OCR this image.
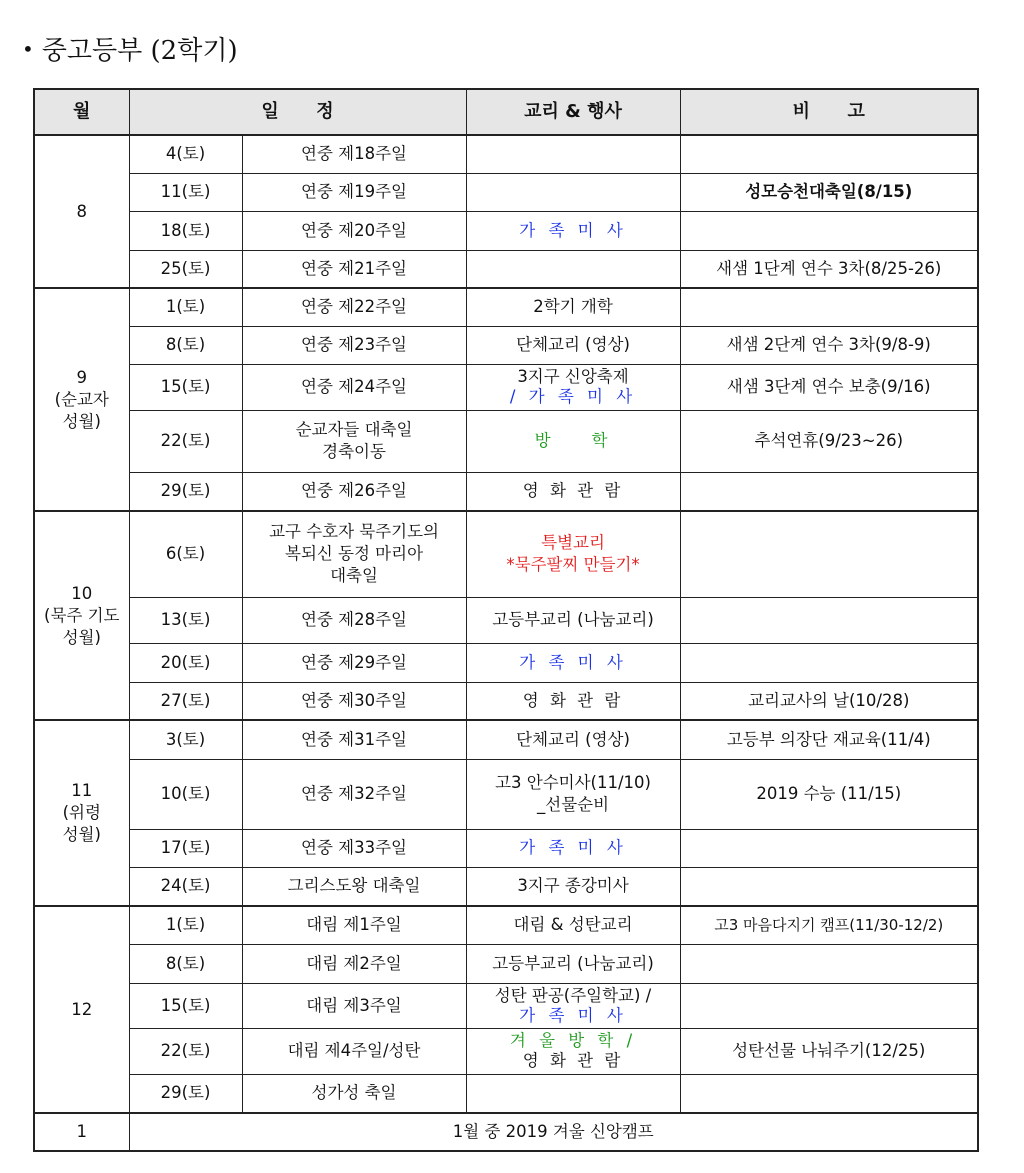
• 중고등부 (2학기)
월	일      정		교리 & 행사	비      고
8	4(토)	연중 제18주일		
	11(토)	연중 제19주일		성모승천대축일(8/15)
	18(토)	연중 제20주일	가 족 미 사	
	25(토)	연중 제21주일		새샘 1단계 연수 3차(8/25-26)
9
(순교자
성월)	1(토)	연중 제22주일	2학기 개학	
	8(토)	연중 제23주일	단체교리 (영상)	새샘 2단계 연수 3차(9/8-9)
	15(토)	연중 제24주일	3지구 신앙축제
/ 가 족 미 사	새샘 3단계 연수 보충(9/16)
	22(토)	순교자들 대축일
경축이동	방    학	추석연휴(9/23~26)
	29(토)	연중 제26주일	영 화 관 람	
10
(묵주 기도
성월)	6(토)	교구 수호자 묵주기도의
복되신 동정 마리아
대축일	특별교리
*묵주팔찌 만들기*	
	13(토)	연중 제28주일	고등부교리 (나눔교리)	
	20(토)	연중 제29주일	가 족 미 사	
	27(토)	연중 제30주일	영 화 관 람	교리교사의 날(10/28)
11
(위령
성월)	3(토)	연중 제31주일	단체교리 (영상)	고등부 의장단 재교육(11/4)
	10(토)	연중 제32주일	고3 안수미사(11/10)
_선물순비	2019 수능 (11/15)
	17(토)	연중 제33주일	가 족 미 사	
	24(토)	그리스도왕 대축일	3지구 종강미사	
12	1(토)	대림 제1주일	대림 & 성탄교리	고3 마음다지기 캠프(11/30-12/2)
	8(토)	대림 제2주일	고등부교리 (나눔교리)	
	15(토)	대림 제3주일	성탄 판공(주일학교) /
가 족 미 사	

	22(토)	대림 제4주일/성탄	겨 울 방 학 /
영 화 관 람	성탄선물 나눠주기(12/25)
	29(토)	성가성 축일		
1	1월 중 2019 겨울 신앙캠프			
